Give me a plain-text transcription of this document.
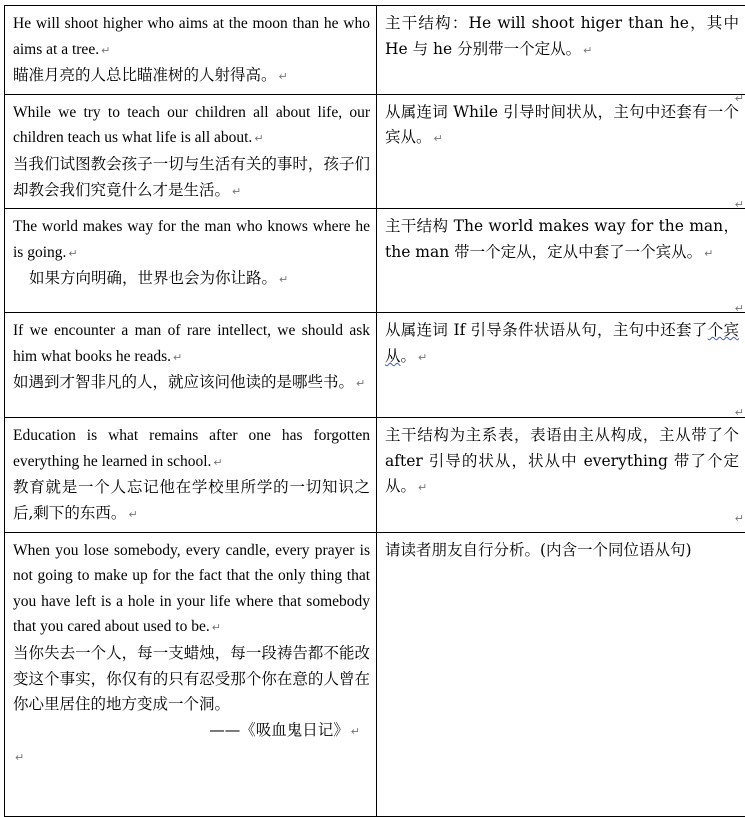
He will shoot higher who aims at the moon than he who aims at a tree. ↵
瞄准月亮的人总比瞄准树的人射得高。 ↵	主干结构：He will shoot higer than he，其中 He 与 he 分别带一个定从。 ↵

While we try to teach our children all about life, our children teach us what life is all about. ↵
当我们试图教会孩子一切与生活有关的事时，孩子们却教会我们究竟什么才是生活。 ↵	从属连词 While 引导时间状从，主句中还套有一个宾从。 ↵

The world makes way for the man who knows where he is going. ↵
如果方向明确，世界也会为你让路。 ↵	主干结构 The world makes way for the man，the man 带一个定从，定从中套了一个宾从。 ↵

If we encounter a man of rare intellect, we should ask him what books he reads. ↵
如遇到才智非凡的人，就应该问他读的是哪些书。 ↵	从属连词 If 引导条件状语从句，主句中还套了个宾从。 ↵

Education is what remains after one has forgotten everything he learned in school. ↵
教育就是一个人忘记他在学校里所学的一切知识之后,剩下的东西。 ↵	主干结构为主系表，表语由主从构成，主从带了个 after 引导的状从，状从中 everything 带了个定从。 ↵

When you lose somebody, every candle, every prayer is not going to make up for the fact that the only thing that you have left is a hole in your life where that somebody that you cared about used to be. ↵
当你失去一个人，每一支蜡烛，每一段祷告都不能改变这个事实，你仅有的只有忍受那个你在意的人曾在你心里居住的地方变成一个洞。
——《吸血鬼日记》 ↵
↵	请读者朋友自行分析。(内含一个同位语从句)
↵
↵
↵
↵
↵
